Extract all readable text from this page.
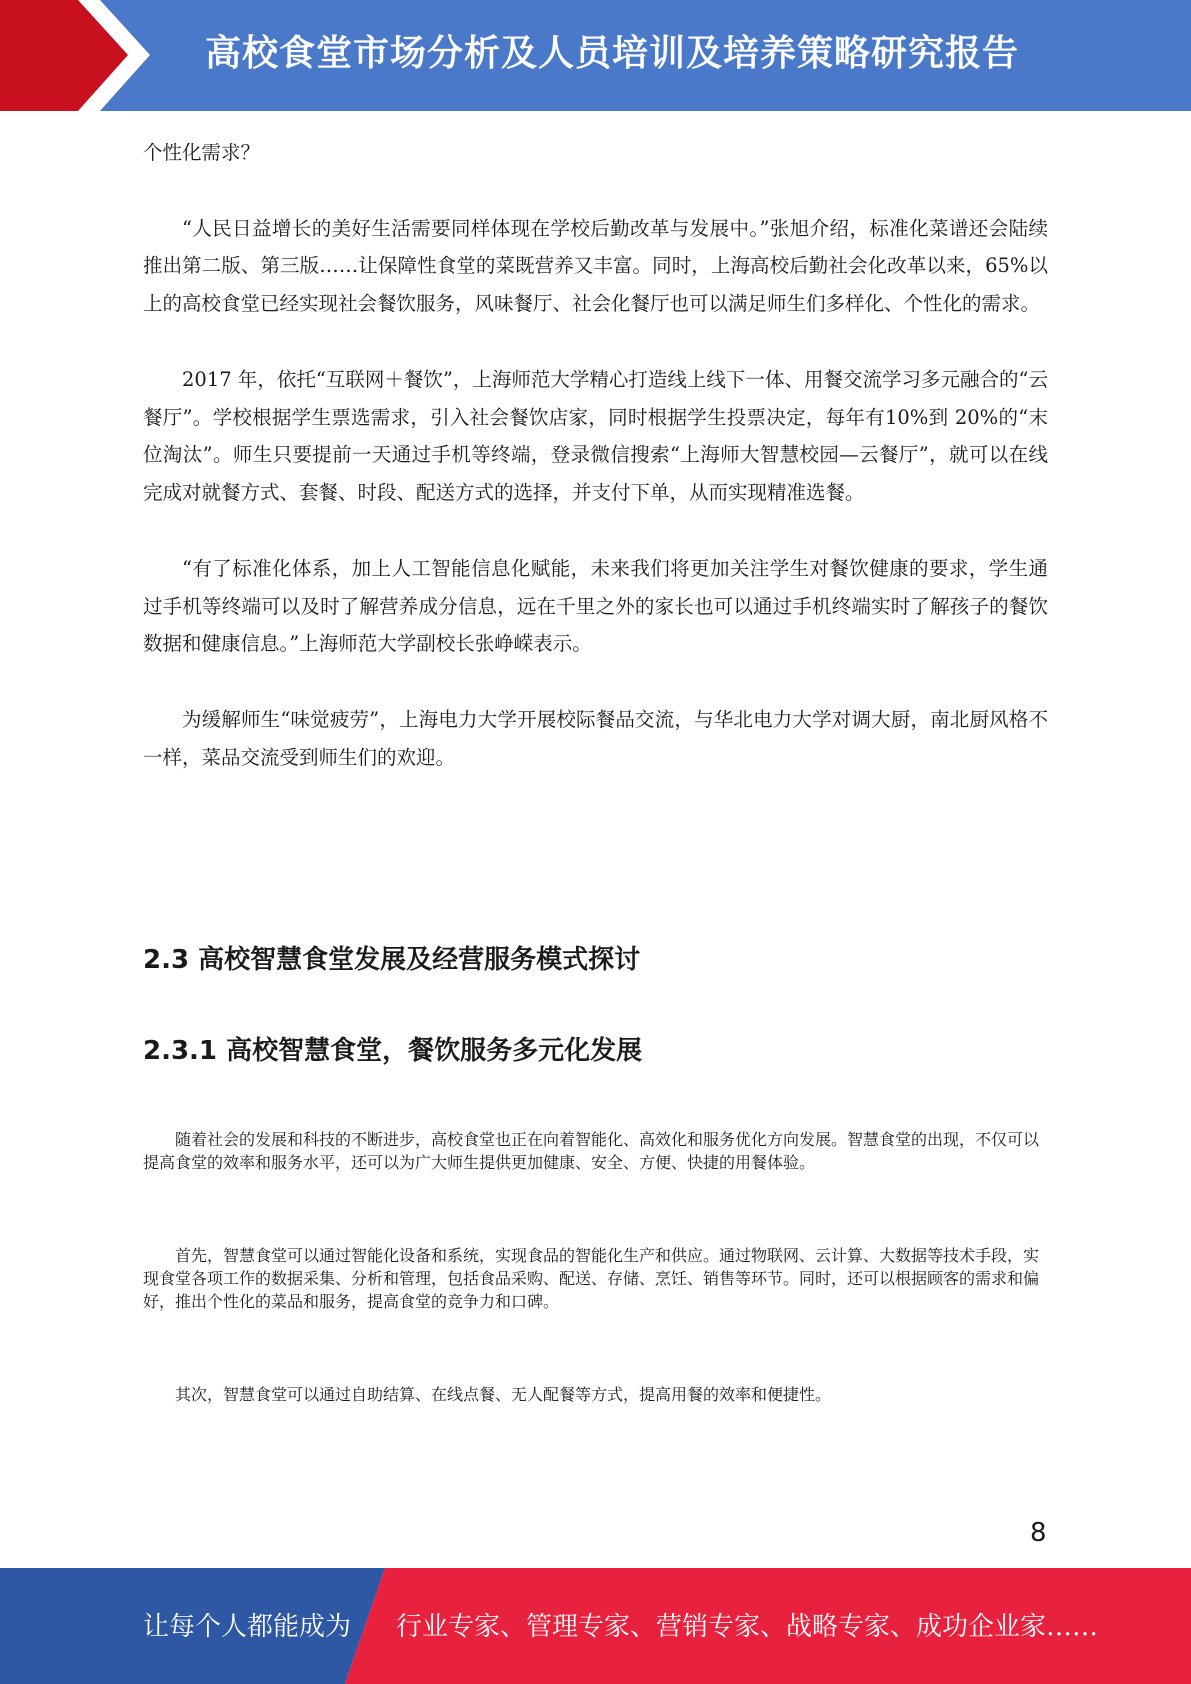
高校食堂市场分析及人员培训及培养策略研究报告

个性化需求？

“人民日益增长的美好生活需要同样体现在学校后勤改革与发展中。”张旭介绍，标准化菜谱还会陆续推出第二版、第三版……让保障性食堂的菜既营养又丰富。同时，上海高校后勤社会化改革以来，65%以上的高校食堂已经实现社会餐饮服务，风味餐厅、社会化餐厅也可以满足师生们多样化、个性化的需求。

2017 年，依托“互联网＋餐饮”，上海师范大学精心打造线上线下一体、用餐交流学习多元融合的“云餐厅”。学校根据学生票选需求，引入社会餐饮店家，同时根据学生投票决定，每年有10%到 20%的“末位淘汰”。师生只要提前一天通过手机等终端，登录微信搜索“上海师大智慧校园—云餐厅”，就可以在线完成对就餐方式、套餐、时段、配送方式的选择，并支付下单，从而实现精准选餐。

“有了标准化体系，加上人工智能信息化赋能，未来我们将更加关注学生对餐饮健康的要求，学生通过手机等终端可以及时了解营养成分信息，远在千里之外的家长也可以通过手机终端实时了解孩子的餐饮数据和健康信息。”上海师范大学副校长张峥嵘表示。

为缓解师生“味觉疲劳”，上海电力大学开展校际餐品交流，与华北电力大学对调大厨，南北厨风格不一样，菜品交流受到师生们的欢迎。

2.3 高校智慧食堂发展及经营服务模式探讨
2.3.1 高校智慧食堂，餐饮服务多元化发展

随着社会的发展和科技的不断进步，高校食堂也正在向着智能化、高效化和服务优化方向发展。智慧食堂的出现，不仅可以提高食堂的效率和服务水平，还可以为广大师生提供更加健康、安全、方便、快捷的用餐体验。

首先，智慧食堂可以通过智能化设备和系统，实现食品的智能化生产和供应。通过物联网、云计算、大数据等技术手段，实现食堂各项工作的数据采集、分析和管理，包括食品采购、配送、存储、烹饪、销售等环节。同时，还可以根据顾客的需求和偏好，推出个性化的菜品和服务，提高食堂的竞争力和口碑。

其次，智慧食堂可以通过自助结算、在线点餐、无人配餐等方式，提高用餐的效率和便捷性。

8
让每个人都能成为 行业专家、管理专家、营销专家、战略专家、成功企业家……
